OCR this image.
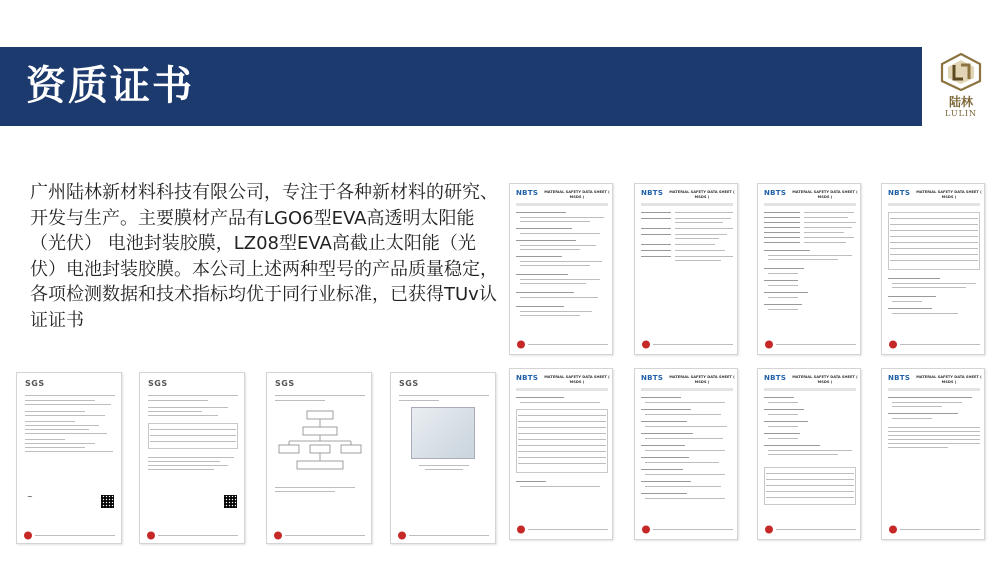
资质证书	陆林
LULIN
广州陆林新材料科技有限公司，专注于各种新材料的研究、开发与生产。主要膜材产品有LGO6型EVA高透明太阳能（光伏） 电池封装胶膜，LZ08型EVA高截止太阳能（光伏）电池封装胶膜。本公司上述两种型号的产品质量稳定，各项检测数据和技术指标均优于同行业标准，已获得TUv认证证书
SGS
~
SGS	SGS	SGS
NBTS MATERIAL SAFETY DATA SHEET ( MSDS )	NBTS MATERIAL SAFETY DATA SHEET ( MSDS )	NBTS MATERIAL SAFETY DATA SHEET ( MSDS )	NBTS MATERIAL SAFETY DATA SHEET ( MSDS )
NBTS MATERIAL SAFETY DATA SHEET ( MSDS )	NBTS MATERIAL SAFETY DATA SHEET ( MSDS )	NBTS MATERIAL SAFETY DATA SHEET ( MSDS )	NBTS MATERIAL SAFETY DATA SHEET ( MSDS )
